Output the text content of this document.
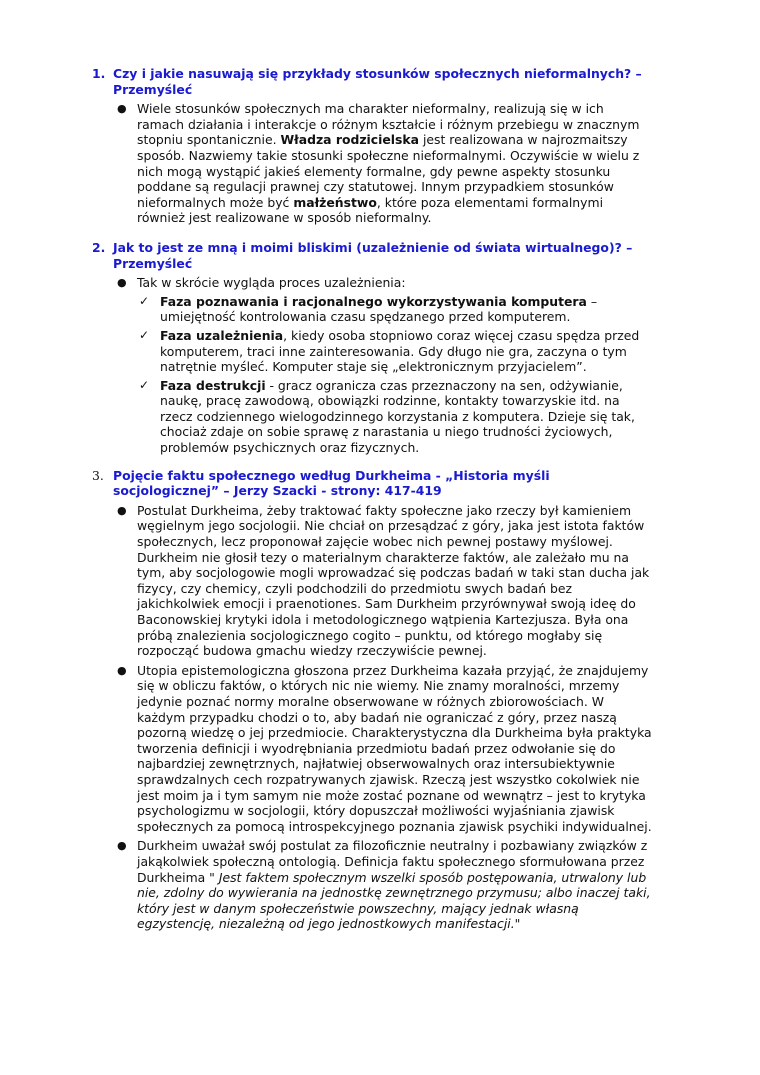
1. Czy i jakie nasuwają się przykłady stosunków społecznych nieformalnych? –
Przemyśleć
● Wiele stosunków społecznych ma charakter nieformalny, realizują się w ich
ramach działania i interakcje o różnym kształcie i różnym przebiegu w znacznym
stopniu spontanicznie. Władza rodzicielska jest realizowana w najrozmaitszy
sposób. Nazwiemy takie stosunki społeczne nieformalnymi. Oczywiście w wielu z
nich mogą wystąpić jakieś elementy formalne, gdy pewne aspekty stosunku
poddane są regulacji prawnej czy statutowej. Innym przypadkiem stosunków
nieformalnych może być małżeństwo, które poza elementami formalnymi
również jest realizowane w sposób nieformalny.
2. Jak to jest ze mną i moimi bliskimi (uzależnienie od świata wirtualnego)? –
Przemyśleć
● Tak w skrócie wygląda proces uzależnienia:
✓ Faza poznawania i racjonalnego wykorzystywania komputera –
umiejętność kontrolowania czasu spędzanego przed komputerem.
✓ Faza uzależnienia, kiedy osoba stopniowo coraz więcej czasu spędza przed
komputerem, traci inne zainteresowania. Gdy długo nie gra, zaczyna o tym
natrętnie myśleć. Komputer staje się „elektronicznym przyjacielem”.
✓ Faza destrukcji - gracz ogranicza czas przeznaczony na sen, odżywianie,
naukę, pracę zawodową, obowiązki rodzinne, kontakty towarzyskie itd. na
rzecz codziennego wielogodzinnego korzystania z komputera. Dzieje się tak,
chociaż zdaje on sobie sprawę z narastania u niego trudności życiowych,
problemów psychicznych oraz fizycznych.
3. Pojęcie faktu społecznego według Durkheima - „Historia myśli
socjologicznej” – Jerzy Szacki - strony: 417-419
● Postulat Durkheima, żeby traktować fakty społeczne jako rzeczy był kamieniem
węgielnym jego socjologii. Nie chciał on przesądzać z góry, jaka jest istota faktów
społecznych, lecz proponował zajęcie wobec nich pewnej postawy myślowej.
Durkheim nie głosił tezy o materialnym charakterze faktów, ale zależało mu na
tym, aby socjologowie mogli wprowadzać się podczas badań w taki stan ducha jak
fizycy, czy chemicy, czyli podchodzili do przedmiotu swych badań bez
jakichkolwiek emocji i praenotiones. Sam Durkheim przyrównywał swoją ideę do
Baconowskiej krytyki idola i metodologicznego wątpienia Kartezjusza. Była ona
próbą znalezienia socjologicznego cogito – punktu, od którego mogłaby się
rozpocząć budowa gmachu wiedzy rzeczywiście pewnej.
● Utopia epistemologiczna głoszona przez Durkheima kazała przyjąć, że znajdujemy
się w obliczu faktów, o których nic nie wiemy. Nie znamy moralności, mrzemy
jedynie poznać normy moralne obserwowane w różnych zbiorowościach. W
każdym przypadku chodzi o to, aby badań nie ograniczać z góry, przez naszą
pozorną wiedzę o jej przedmiocie. Charakterystyczna dla Durkheima była praktyka
tworzenia definicji i wyodrębniania przedmiotu badań przez odwołanie się do
najbardziej zewnętrznych, najłatwiej obserwowalnych oraz intersubiektywnie
sprawdzalnych cech rozpatrywanych zjawisk. Rzeczą jest wszystko cokolwiek nie
jest moim ja i tym samym nie może zostać poznane od wewnątrz – jest to krytyka
psychologizmu w socjologii, który dopuszczał możliwości wyjaśniania zjawisk
społecznych za pomocą introspekcyjnego poznania zjawisk psychiki indywidualnej.
● Durkheim uważał swój postulat za filozoficznie neutralny i pozbawiany związków z
jakąkolwiek społeczną ontologią. Definicja faktu społecznego sformułowana przez
Durkheima " Jest faktem społecznym wszelki sposób postępowania, utrwalony lub
nie, zdolny do wywierania na jednostkę zewnętrznego przymusu; albo inaczej taki,
który jest w danym społeczeństwie powszechny, mający jednak własną
egzystencję, niezależną od jego jednostkowych manifestacji."
